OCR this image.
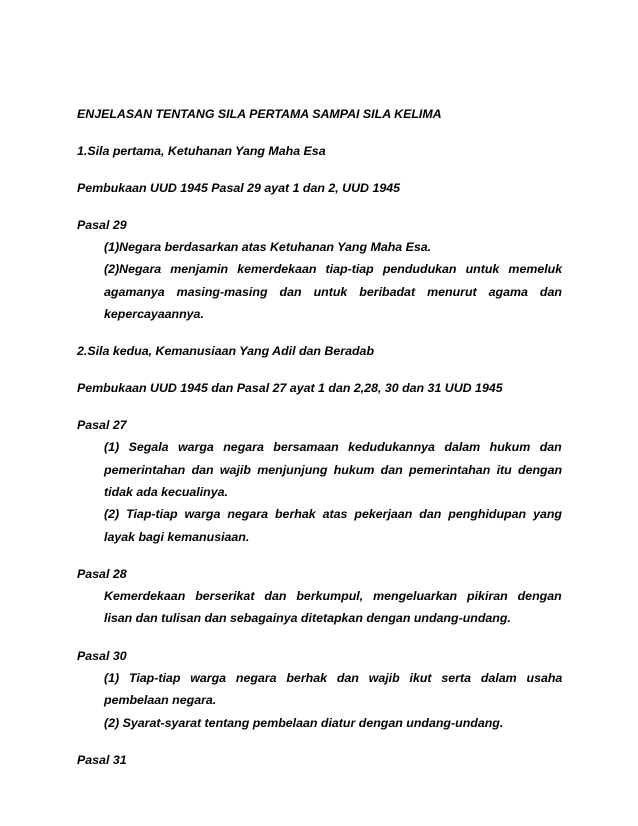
ENJELASAN TENTANG SILA PERTAMA SAMPAI SILA KELIMA
1.Sila pertama, Ketuhanan Yang Maha Esa
Pembukaan UUD 1945 Pasal 29 ayat 1 dan 2, UUD 1945
Pasal 29
(1)Negara berdasarkan atas Ketuhanan Yang Maha Esa.
(2)Negara menjamin kemerdekaan tiap-tiap pendudukan untuk memeluk
agamanya masing-masing dan untuk beribadat menurut agama dan
kepercayaannya.
2.Sila kedua, Kemanusiaan Yang Adil dan Beradab
Pembukaan UUD 1945 dan Pasal 27 ayat 1 dan 2,28, 30 dan 31 UUD 1945
Pasal 27
(1) Segala warga negara bersamaan kedudukannya dalam hukum dan
pemerintahan dan wajib menjunjung hukum dan pemerintahan itu dengan
tidak ada kecualinya.
(2) Tiap-tiap warga negara berhak atas pekerjaan dan penghidupan yang
layak bagi kemanusiaan.
Pasal 28
Kemerdekaan berserikat dan berkumpul, mengeluarkan pikiran dengan
lisan dan tulisan dan sebagainya ditetapkan dengan undang-undang.
Pasal 30
(1) Tiap-tiap warga negara berhak dan wajib ikut serta dalam usaha
pembelaan negara.
(2) Syarat-syarat tentang pembelaan diatur dengan undang-undang.
Pasal 31
